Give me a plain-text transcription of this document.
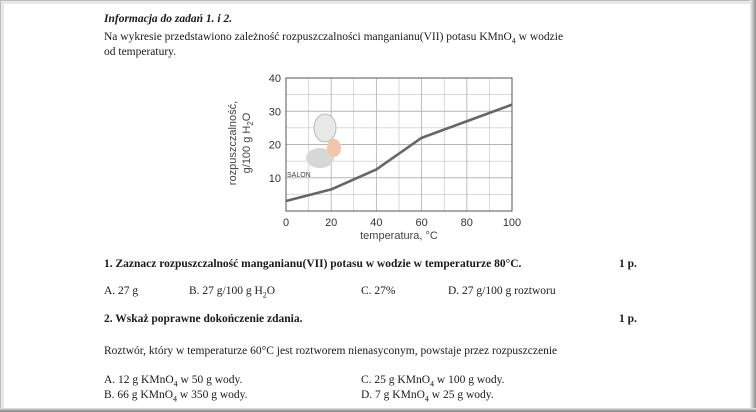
Informacja do zadań 1. i 2.
Na wykresie przedstawiono zależność rozpuszczalności manganianu(VII) potasu KMnO$_4$ w wodzie
od temperatury.
0	20	40	60	80	100
10
20
30
40
SALON
rozpuszczalność, g/100 g $H_2O$
temperatura, °C
1. Zaznacz rozpuszczalność manganianu(VII) potasu w wodzie w temperaturze 80°C.	1 p.
A. 27 g	B. 27 g/100 g $H_2O$	C. 27%	D. 27 g/100 g roztworu
2. Wskaż poprawne dokończenie zdania.	1 p.
Roztwór, który w temperaturze 60°C jest roztworem nienasyconym, powstaje przez rozpuszczenie
A. 12 g KMnO$_4$ w 50 g wody.	C. 25 g KMnO$_4$ w 100 g wody.
B. 66 g KMnO$_4$ w 350 g wody.	D. 7 g KMnO$_4$ w 25 g wody.
